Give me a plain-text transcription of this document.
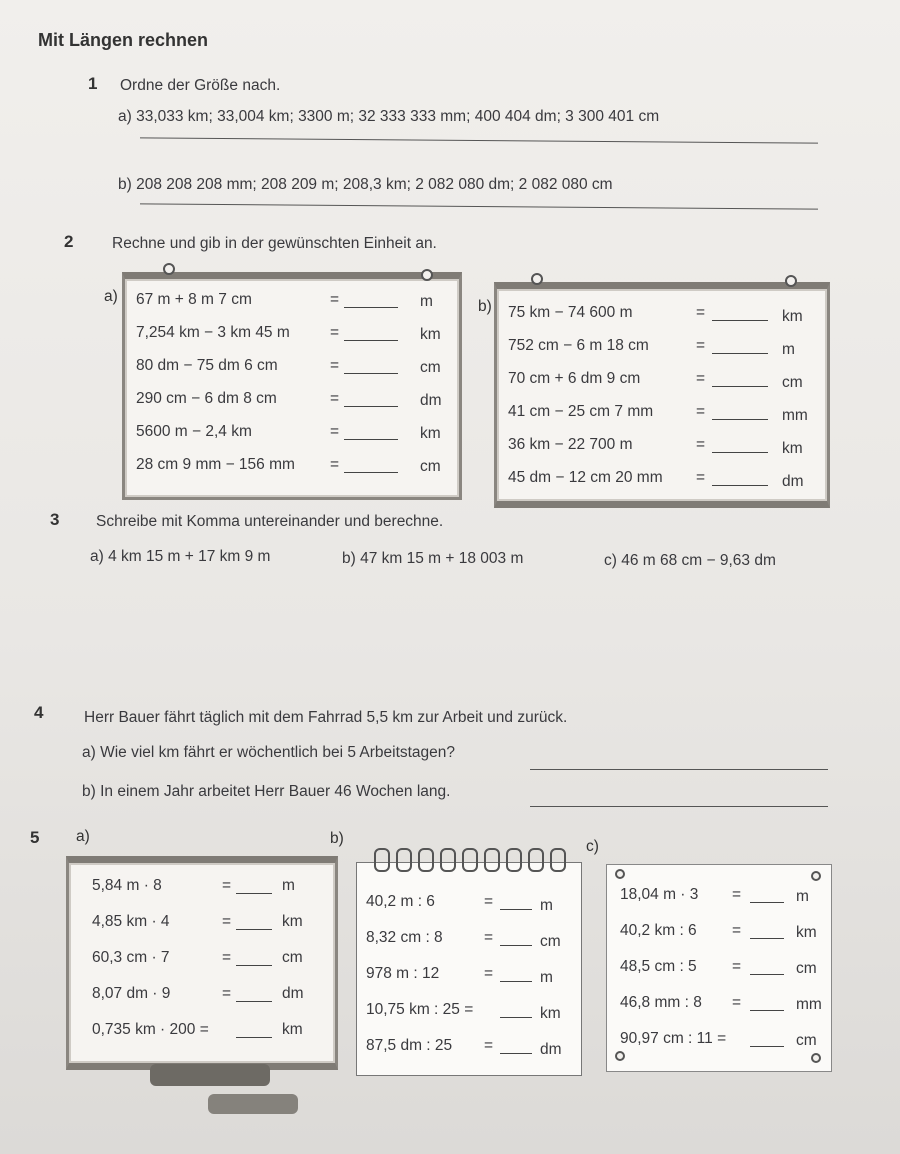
Mit Längen rechnen
1 Ordne der Größe nach.
a) 33,033 km; 33,004 km; 3300 m; 32 333 333 mm; 400 404 dm; 3 300 401 cm
b) 208 208 208 mm; 208 209 m; 208,3 km; 2 082 080 dm; 2 082 080 cm
2 Rechne und gib in der gewünschten Einheit an.
a) 67 m + 8 m 7 cm	=	m
7,254 km − 3 km 45 m	=	km
80 dm − 75 dm 6 cm	=	cm
290 cm − 6 dm 8 cm	=	dm
5600 m − 2,4 km	=	km
28 cm 9 mm − 156 mm =	cm
b) 75 km − 74 600 m	=	km
752 cm − 6 m 18 cm	=	m
70 cm + 6 dm 9 cm	=	cm
41 cm − 25 cm 7 mm	=	mm
36 km − 22 700 m	=	km
45 dm − 12 cm 20 mm =	dm
3 Schreibe mit Komma untereinander und berechne.
a) 4 km 15 m + 17 km 9 m	b) 47 km 15 m + 18 003 m	c) 46 m 68 cm − 9,63 dm
4	Herr Bauer fährt täglich mit dem Fahrrad 5,5 km zur Arbeit und zurück.
a) Wie viel km fährt er wöchentlich bei 5 Arbeitstagen?
b) In einem Jahr arbeitet Herr Bauer 46 Wochen lang.
5 a)	b)	c)
5,84 m · 8	=	m
4,85 km · 4	=	km
60,3 cm · 7	=	cm
8,07 dm · 9	=	dm
0,735 km · 200 =	km
40,2 m : 6	=	m
8,32 cm : 8	=	cm
978 m : 12	=	m
10,75 km : 25 =	km
87,5 dm : 25 =	dm
18,04 m · 3 =	m
40,2 km : 6 =	km
48,5 cm : 5 =	cm
46,8 mm : 8 =	mm
90,97 cm : 11 =	cm
